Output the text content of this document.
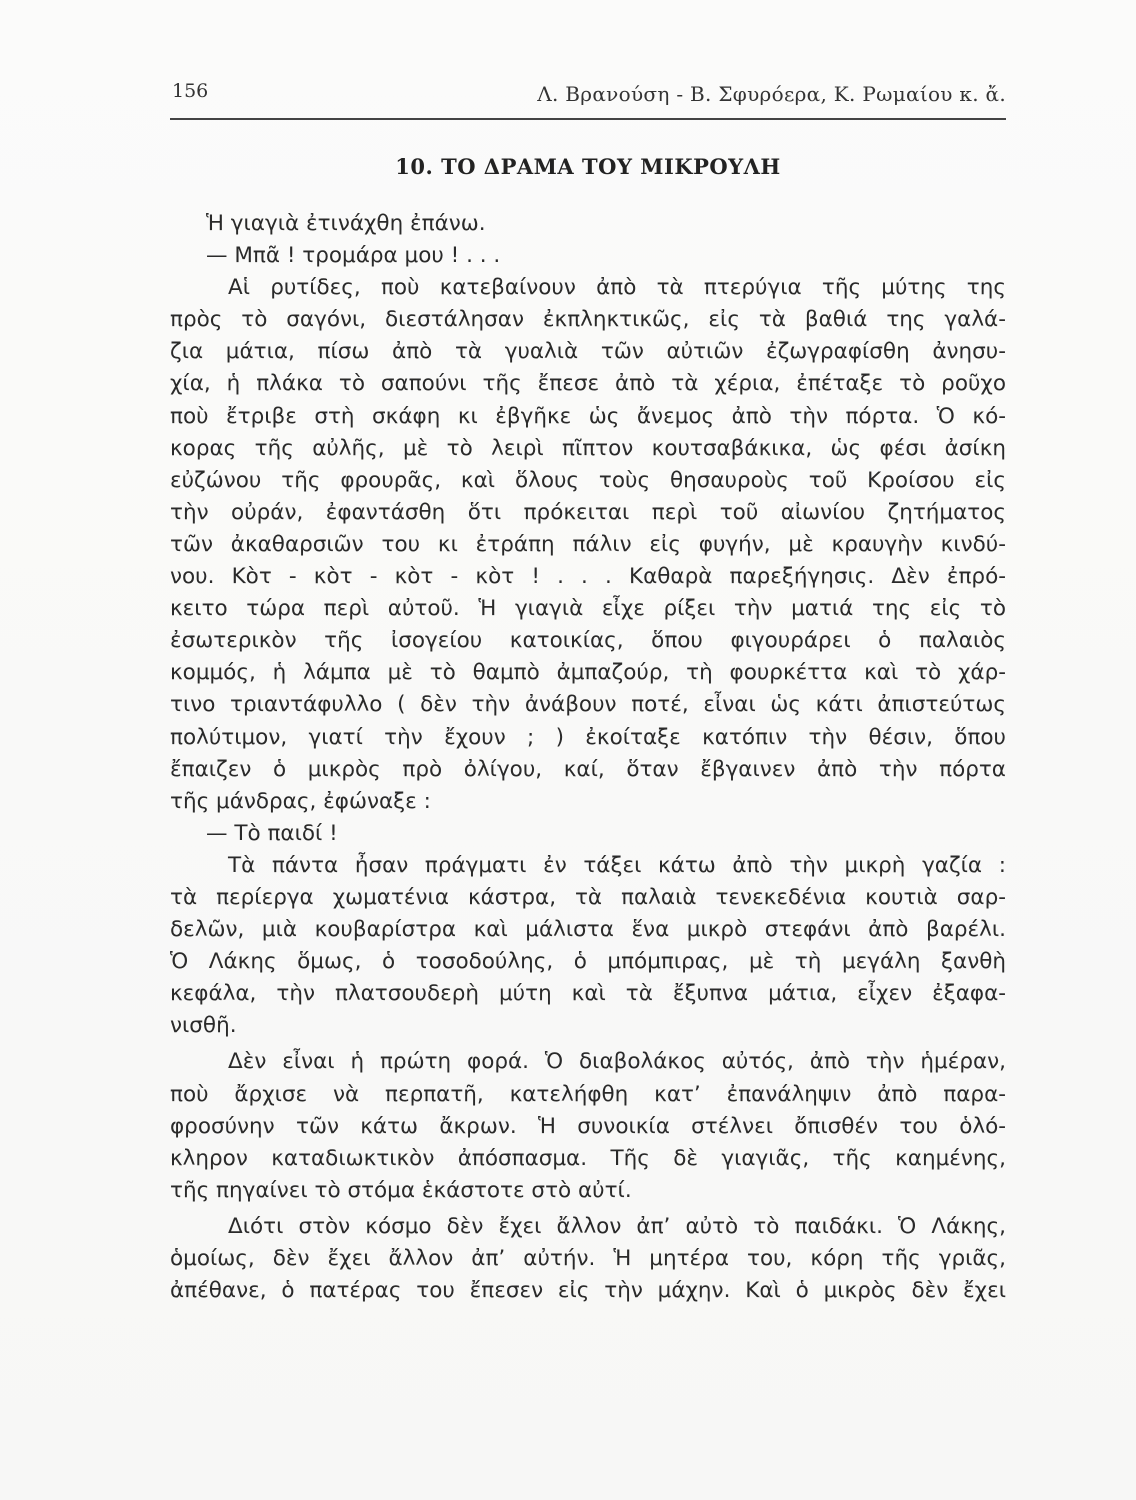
156	Λ. Βρανούση - Β. Σφυρόερα, Κ. Ρωμαίου κ. ἄ.
10. ΤΟ ΔΡΑΜΑ ΤΟΥ ΜΙΚΡΟΥΛΗ
Ἡ γιαγιὰ ἐτινάχθη ἐπάνω.
— Μπᾶ ! τρομάρα μου ! . . .
Αἱ ρυτίδες, ποὺ κατεβαίνουν ἀπὸ τὰ πτερύγια τῆς μύτης της
πρὸς τὸ σαγόνι, διεστάλησαν ἐκπληκτικῶς, εἰς τὰ βαθιά της γαλά-
ζια μάτια, πίσω ἀπὸ τὰ γυαλιὰ τῶν αὐτιῶν ἐζωγραφίσθη ἀνησυ-
χία, ἡ πλάκα τὸ σαπούνι τῆς ἔπεσε ἀπὸ τὰ χέρια, ἐπέταξε τὸ ροῦχο
ποὺ ἔτριβε στὴ σκάφη κι ἐβγῆκε ὡς ἄνεμος ἀπὸ τὴν πόρτα. Ὁ κό-
κορας τῆς αὐλῆς, μὲ τὸ λειρὶ πῖπτον κουτσαβάκικα, ὡς φέσι ἀσίκη
εὐζώνου τῆς φρουρᾶς, καὶ ὅλους τοὺς θησαυροὺς τοῦ Κροίσου εἰς
τὴν οὐράν, ἐφαντάσθη ὅτι πρόκειται περὶ τοῦ αἰωνίου ζητήματος
τῶν ἀκαθαρσιῶν του κι ἐτράπη πάλιν εἰς φυγήν, μὲ κραυγὴν κινδύ-
νου. Κὸτ - κὸτ - κὸτ - κὸτ ! . . . Καθαρὰ παρεξήγησις. Δὲν ἐπρό-
κειτο τώρα περὶ αὐτοῦ. Ἡ γιαγιὰ εἶχε ρίξει τὴν ματιά της εἰς τὸ
ἐσωτερικὸν τῆς ἰσογείου κατοικίας, ὅπου φιγουράρει ὁ παλαιὸς
κομμός, ἡ λάμπα μὲ τὸ θαμπὸ ἀμπαζούρ, τὴ φουρκέττα καὶ τὸ χάρ-
τινο τριαντάφυλλο ( δὲν τὴν ἀνάβουν ποτέ, εἶναι ὡς κάτι ἀπιστεύτως
πολύτιμον, γιατί τὴν ἔχουν ; ) ἐκοίταξε κατόπιν τὴν θέσιν, ὅπου
ἔπαιζεν ὁ μικρὸς πρὸ ὀλίγου, καί, ὅταν ἔβγαινεν ἀπὸ τὴν πόρτα
τῆς μάνδρας, ἐφώναξε :
— Τὸ παιδί !
Τὰ πάντα ἦσαν πράγματι ἐν τάξει κάτω ἀπὸ τὴν μικρὴ γαζία :
τὰ περίεργα χωματένια κάστρα, τὰ παλαιὰ τενεκεδένια κουτιὰ σαρ-
δελῶν, μιὰ κουβαρίστρα καὶ μάλιστα ἕνα μικρὸ στεφάνι ἀπὸ βαρέλι.
Ὁ Λάκης ὅμως, ὁ τοσοδούλης, ὁ μπόμπιρας, μὲ τὴ μεγάλη ξανθὴ
κεφάλα, τὴν πλατσουδερὴ μύτη καὶ τὰ ἔξυπνα μάτια, εἶχεν ἐξαφα-
νισθῆ.
Δὲν εἶναι ἡ πρώτη φορά. Ὁ διαβολάκος αὐτός, ἀπὸ τὴν ἡμέραν,
ποὺ ἄρχισε νὰ περπατῆ, κατελήφθη κατ’ ἐπανάληψιν ἀπὸ παρα-
φροσύνην τῶν κάτω ἄκρων. Ἡ συνοικία στέλνει ὄπισθέν του ὁλό-
κληρον καταδιωκτικὸν ἀπόσπασμα. Τῆς δὲ γιαγιᾶς, τῆς καημένης,
τῆς πηγαίνει τὸ στόμα ἑκάστοτε στὸ αὐτί.
Διότι στὸν κόσμο δὲν ἔχει ἄλλον ἀπ’ αὐτὸ τὸ παιδάκι. Ὁ Λάκης,
ὁμοίως, δὲν ἔχει ἄλλον ἀπ’ αὐτήν. Ἡ μητέρα του, κόρη τῆς γριᾶς,
ἀπέθανε, ὁ πατέρας του ἔπεσεν εἰς τὴν μάχην. Καὶ ὁ μικρὸς δὲν ἔχει
